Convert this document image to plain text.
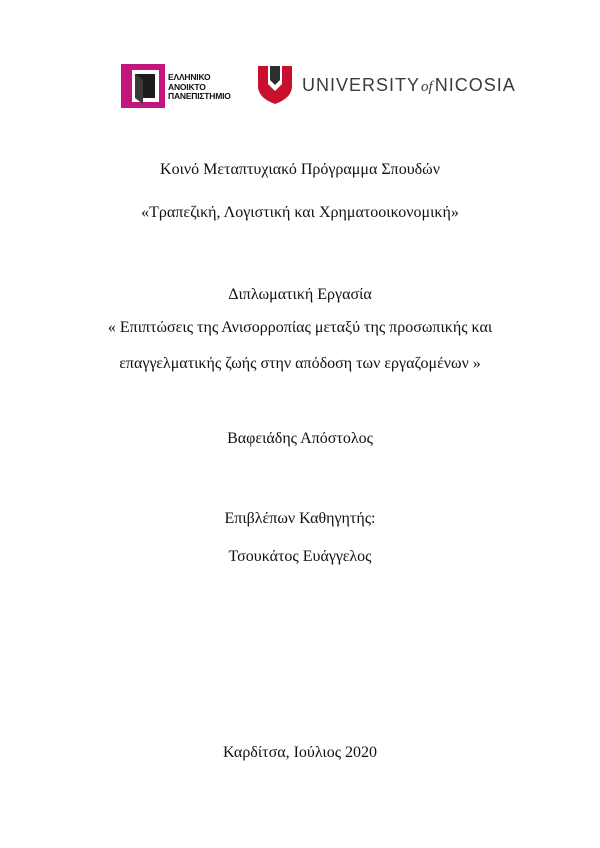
ΕΛΛΗΝΙΚΟ
ΑΝΟΙΚΤΟ
ΠΑΝΕΠΙΣΤΗΜΙΟ
UNIVERSITYof NICOSIA
Κοινό Μεταπτυχιακό Πρόγραμμα Σπουδών
«Τραπεζική, Λογιστική και Χρηματοοικονομική»
Διπλωματική Εργασία
« Επιπτώσεις της Ανισορροπίας μεταξύ της προσωπικής και
επαγγελματικής ζωής στην απόδοση των εργαζομένων »
Βαφειάδης Απόστολος
Επιβλέπων Καθηγητής:
Τσουκάτος Ευάγγελος
Καρδίτσα, Ιούλιος 2020
